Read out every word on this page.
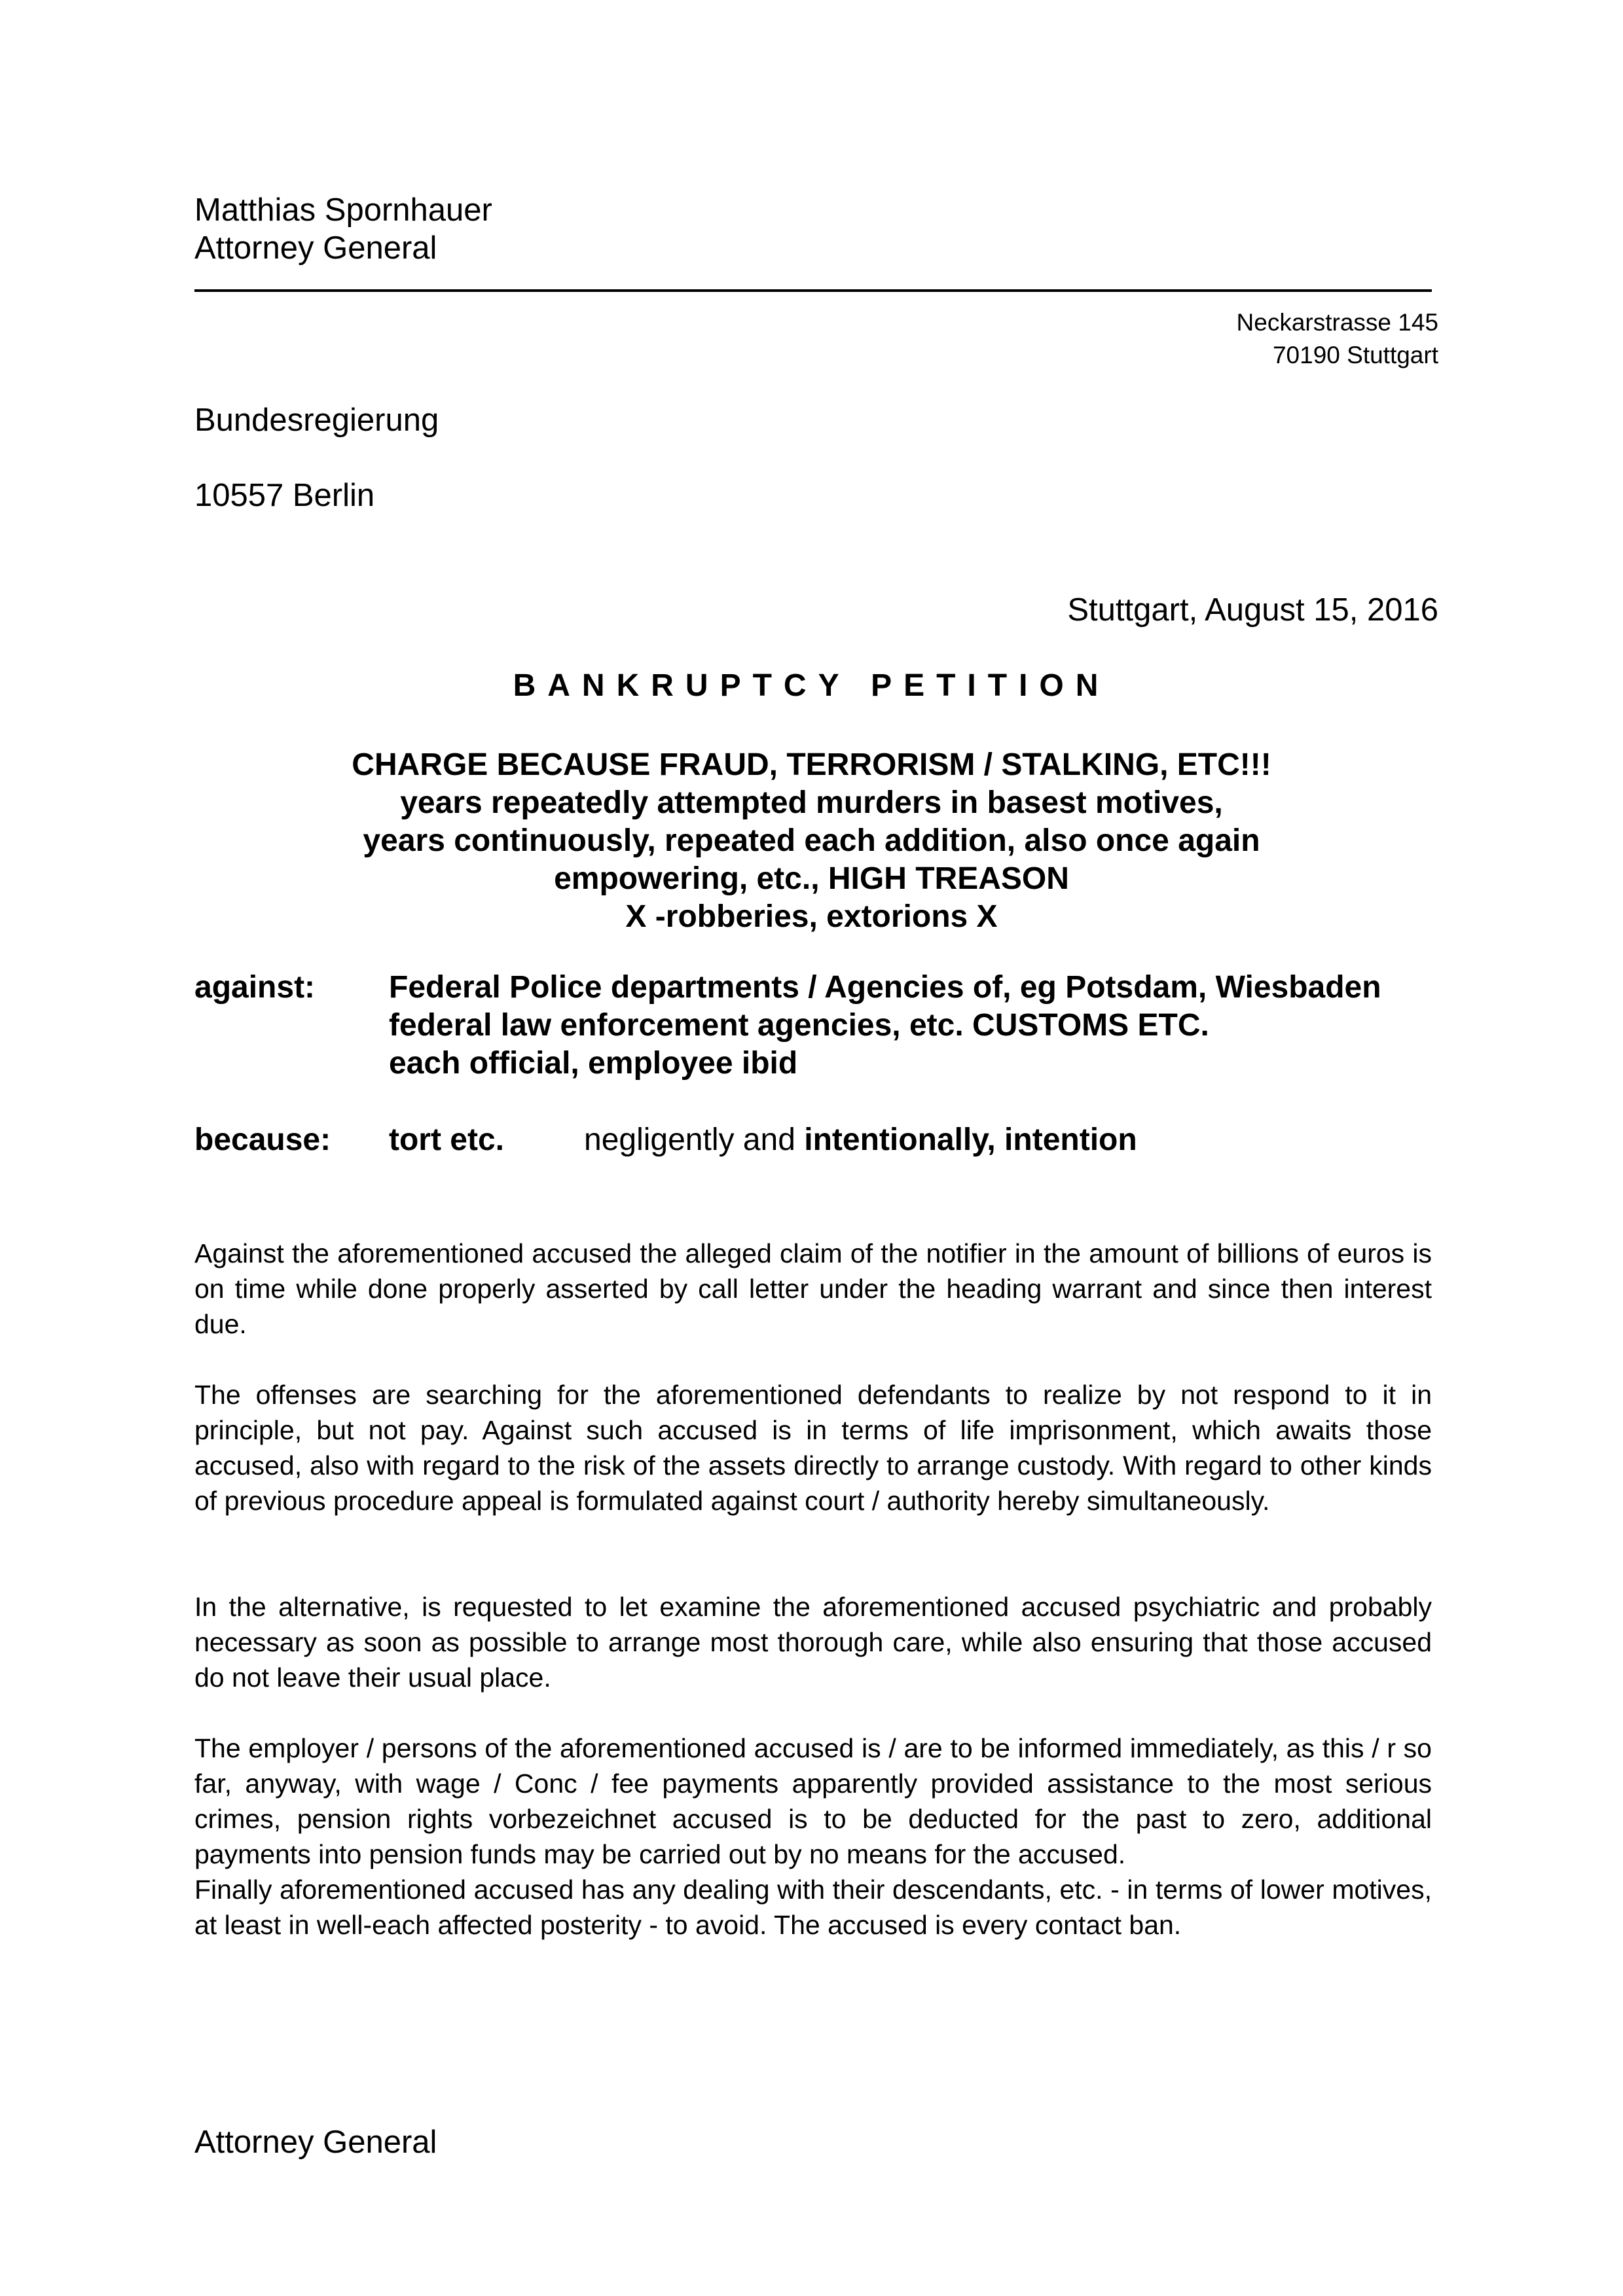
Matthias Spornhauer
Attorney General
Neckarstrasse 145
70190 Stuttgart
Bundesregierung
10557 Berlin
Stuttgart, August 15, 2016
BANKRUPTCY PETITION
CHARGE BECAUSE FRAUD, TERRORISM / STALKING, ETC!!!
years repeatedly attempted murders in basest motives,
years continuously, repeated each addition, also once again
empowering, etc., HIGH TREASON
X -robberies, extorions X
against: Federal Police departments / Agencies of, eg Potsdam, Wiesbaden
federal law enforcement agencies, etc. CUSTOMS ETC.
each official, employee ibid
because: tort etc.	negligently and intentionally, intention

Against the aforementioned accused the alleged claim of the notifier in the amount of billions of euros is on time while done properly asserted by call letter under the heading warrant and since then interest due.

The offenses are searching for the aforementioned defendants to realize by not respond to it in principle, but not pay. Against such accused is in terms of life imprisonment, which awaits those accused, also with regard to the risk of the assets directly to arrange custody. With regard to other kinds of previous procedure appeal is formulated against court / authority hereby simultaneously.

In the alternative, is requested to let examine the aforementioned accused psychiatric and probably necessary as soon as possible to arrange most thorough care, while also ensuring that those accused do not leave their usual place.

The employer / persons of the aforementioned accused is / are to be informed immediately, as this / r so far, anyway, with wage / Conc / fee payments apparently provided assistance to the most serious crimes, pension rights vorbezeichnet accused is to be deducted for the past to zero, additional payments into pension funds may be carried out by no means for the accused.

Finally aforementioned accused has any dealing with their descendants, etc. - in terms of lower motives, at least in well-each affected posterity - to avoid. The accused is every contact ban.

Attorney General
